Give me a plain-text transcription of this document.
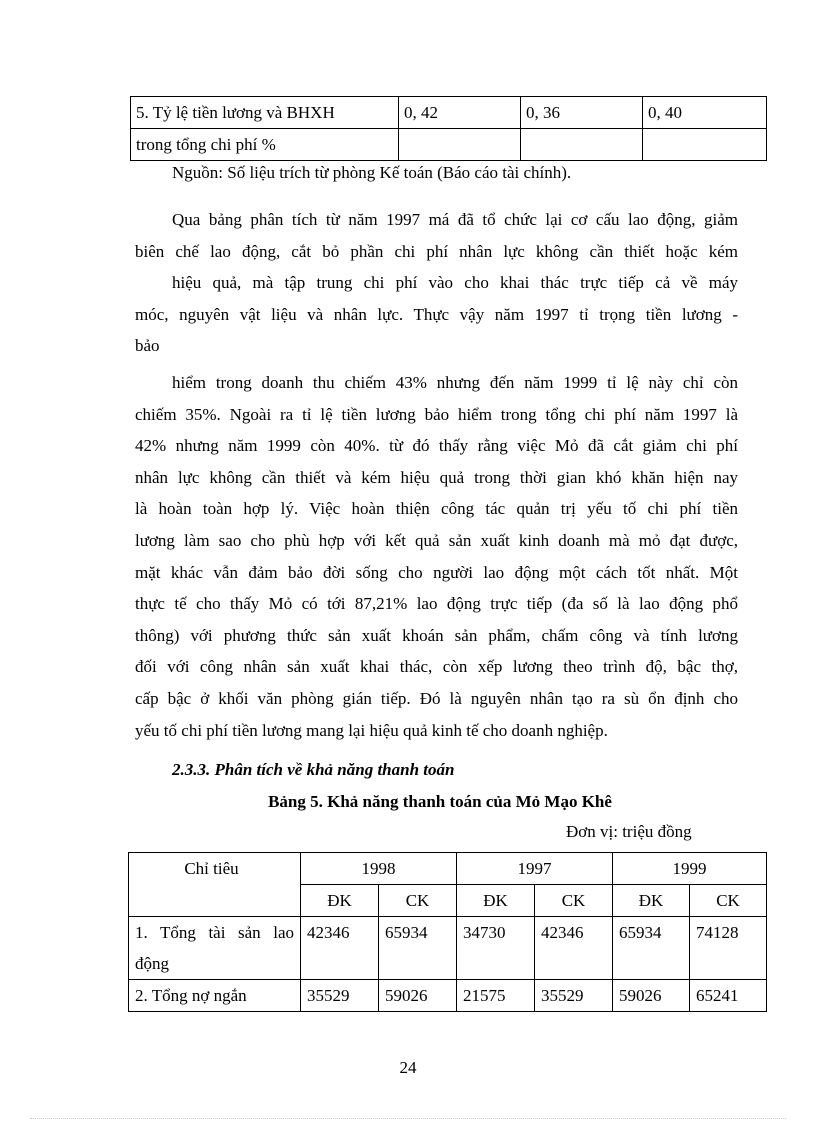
5. Tỷ lệ tiền lương và BHXH	0, 42	0, 36	0, 40
trong tổng chi phí %			
Nguồn: Số liệu trích từ phòng Kế toán (Báo cáo tài chính).
Qua bảng phân tích từ năm 1997 má đã tổ chức lại cơ cấu lao động, giảm
biên chế lao động, cắt bỏ phần chi phí nhân lực không cần thiết hoặc kém
hiệu quả, mà tập trung chi phí vào cho khai thác trực tiếp cả về máy
móc, nguyên vật liệu và nhân lực. Thực vậy năm 1997 tỉ trọng tiền lương -
bảo
hiểm trong doanh thu chiếm 43% nhưng đến năm 1999 tỉ lệ này chỉ còn
chiếm 35%. Ngoài ra tỉ lệ tiền lương bảo hiểm trong tổng chi phí năm 1997 là
42% nhưng năm 1999 còn 40%. từ đó thấy rằng việc Mỏ đã cắt giảm chi phí
nhân lực không cần thiết và kém hiệu quả trong thời gian khó khăn hiện nay
là hoàn toàn hợp lý. Việc hoàn thiện công tác quản trị yếu tố chi phí tiền
lương làm sao cho phù hợp với kết quả sản xuất kinh doanh mà mỏ đạt được,
mặt khác vẫn đảm bảo đời sống cho người lao động một cách tốt nhất. Một
thực tế cho thấy Mỏ có tới 87,21% lao động trực tiếp (đa số là lao động phổ
thông) với phương thức sản xuất khoán sản phẩm, chấm công và tính lương
đối với công nhân sản xuất khai thác, còn xếp lương theo trình độ, bậc thợ,
cấp bậc ở khối văn phòng gián tiếp. Đó là nguyên nhân tạo ra sù ổn định cho
yếu tố chi phí tiền lương mang lại hiệu quả kinh tế cho doanh nghiệp.
2.3.3. Phân tích về khả năng thanh toán
Bảng 5. Khả năng thanh toán của Mỏ Mạo Khê
Đơn vị: triệu đồng
Chỉ tiêu	1998		1997		1999	
	ĐK	CK	ĐK	CK	ĐK	CK

1. Tổng tài sản lao
động	42346	65934	34730	42346	65934	74128
2. Tổng nợ ngắn	35529	59026	21575	35529	59026	65241
24
